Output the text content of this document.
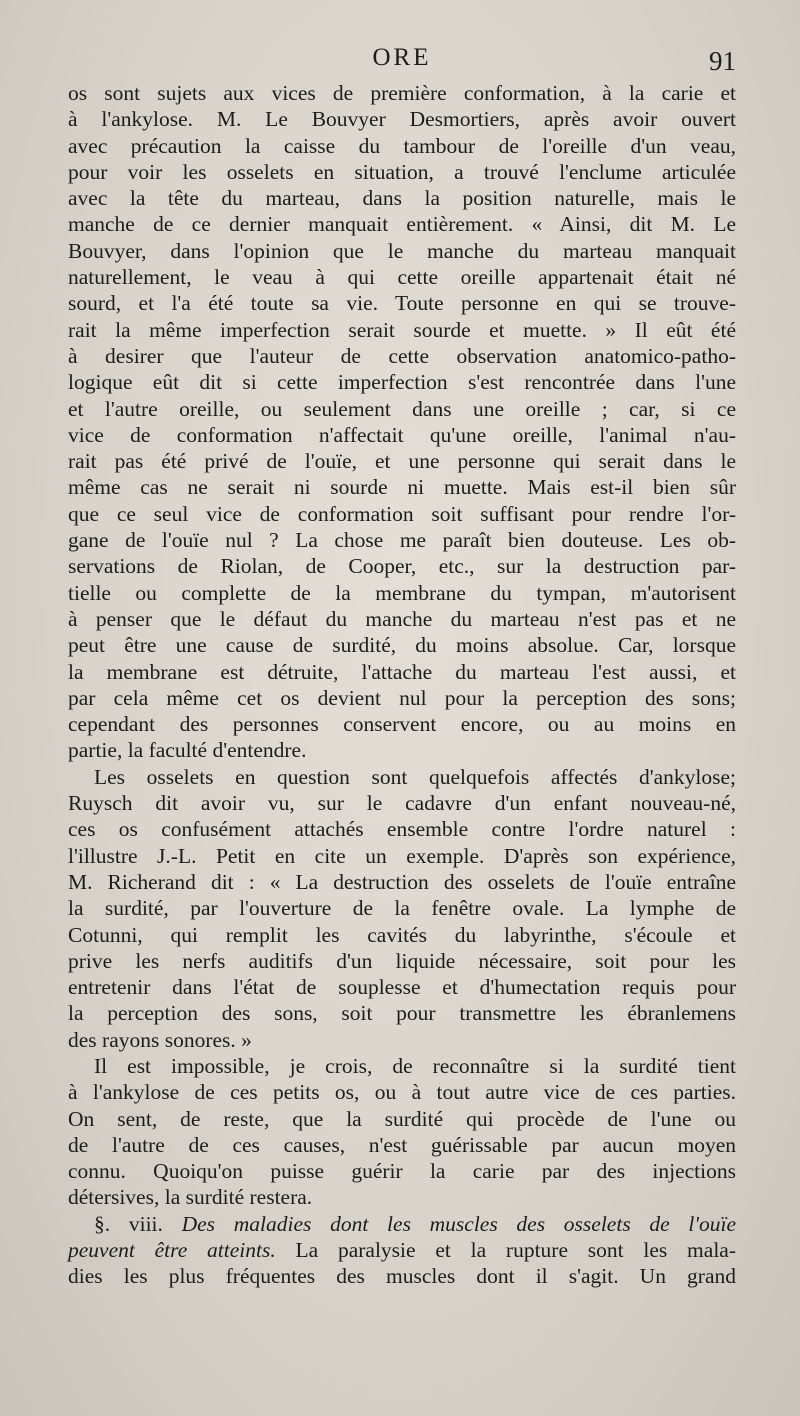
ORE	91
os sont sujets aux vices de première conformation, à la carie et
à l'ankylose. M. Le Bouvyer Desmortiers, après avoir ouvert
avec précaution la caisse du tambour de l'oreille d'un veau,
pour voir les osselets en situation, a trouvé l'enclume articulée
avec la tête du marteau, dans la position naturelle, mais le
manche de ce dernier manquait entièrement. « Ainsi, dit M. Le
Bouvyer, dans l'opinion que le manche du marteau manquait
naturellement, le veau à qui cette oreille appartenait était né
sourd, et l'a été toute sa vie. Toute personne en qui se trouve-
rait la même imperfection serait sourde et muette. » Il eût été
à desirer que l'auteur de cette observation anatomico-patho-
logique eût dit si cette imperfection s'est rencontrée dans l'une
et l'autre oreille, ou seulement dans une oreille ; car, si ce
vice de conformation n'affectait qu'une oreille, l'animal n'au-
rait pas été privé de l'ouïe, et une personne qui serait dans le
même cas ne serait ni sourde ni muette. Mais est-il bien sûr
que ce seul vice de conformation soit suffisant pour rendre l'or-
gane de l'ouïe nul ? La chose me paraît bien douteuse. Les ob-
servations de Riolan, de Cooper, etc., sur la destruction par-
tielle ou complette de la membrane du tympan, m'autorisent
à penser que le défaut du manche du marteau n'est pas et ne
peut être une cause de surdité, du moins absolue. Car, lorsque
la membrane est détruite, l'attache du marteau l'est aussi, et
par cela même cet os devient nul pour la perception des sons;
cependant des personnes conservent encore, ou au moins en
partie, la faculté d'entendre.
Les osselets en question sont quelquefois affectés d'ankylose;
Ruysch dit avoir vu, sur le cadavre d'un enfant nouveau-né,
ces os confusément attachés ensemble contre l'ordre naturel :
l'illustre J.-L. Petit en cite un exemple. D'après son expérience,
M. Richerand dit : « La destruction des osselets de l'ouïe entraîne
la surdité, par l'ouverture de la fenêtre ovale. La lymphe de
Cotunni, qui remplit les cavités du labyrinthe, s'écoule et
prive les nerfs auditifs d'un liquide nécessaire, soit pour les
entretenir dans l'état de souplesse et d'humectation requis pour
la perception des sons, soit pour transmettre les ébranlemens
des rayons sonores. »
Il est impossible, je crois, de reconnaître si la surdité tient
à l'ankylose de ces petits os, ou à tout autre vice de ces parties.
On sent, de reste, que la surdité qui procède de l'une ou
de l'autre de ces causes, n'est guérissable par aucun moyen
connu. Quoiqu'on puisse guérir la carie par des injections
détersives, la surdité restera.
§. viii. Des maladies dont les muscles des osselets de l'ouïe
peuvent être atteints. La paralysie et la rupture sont les mala-
dies les plus fréquentes des muscles dont il s'agit. Un grand
